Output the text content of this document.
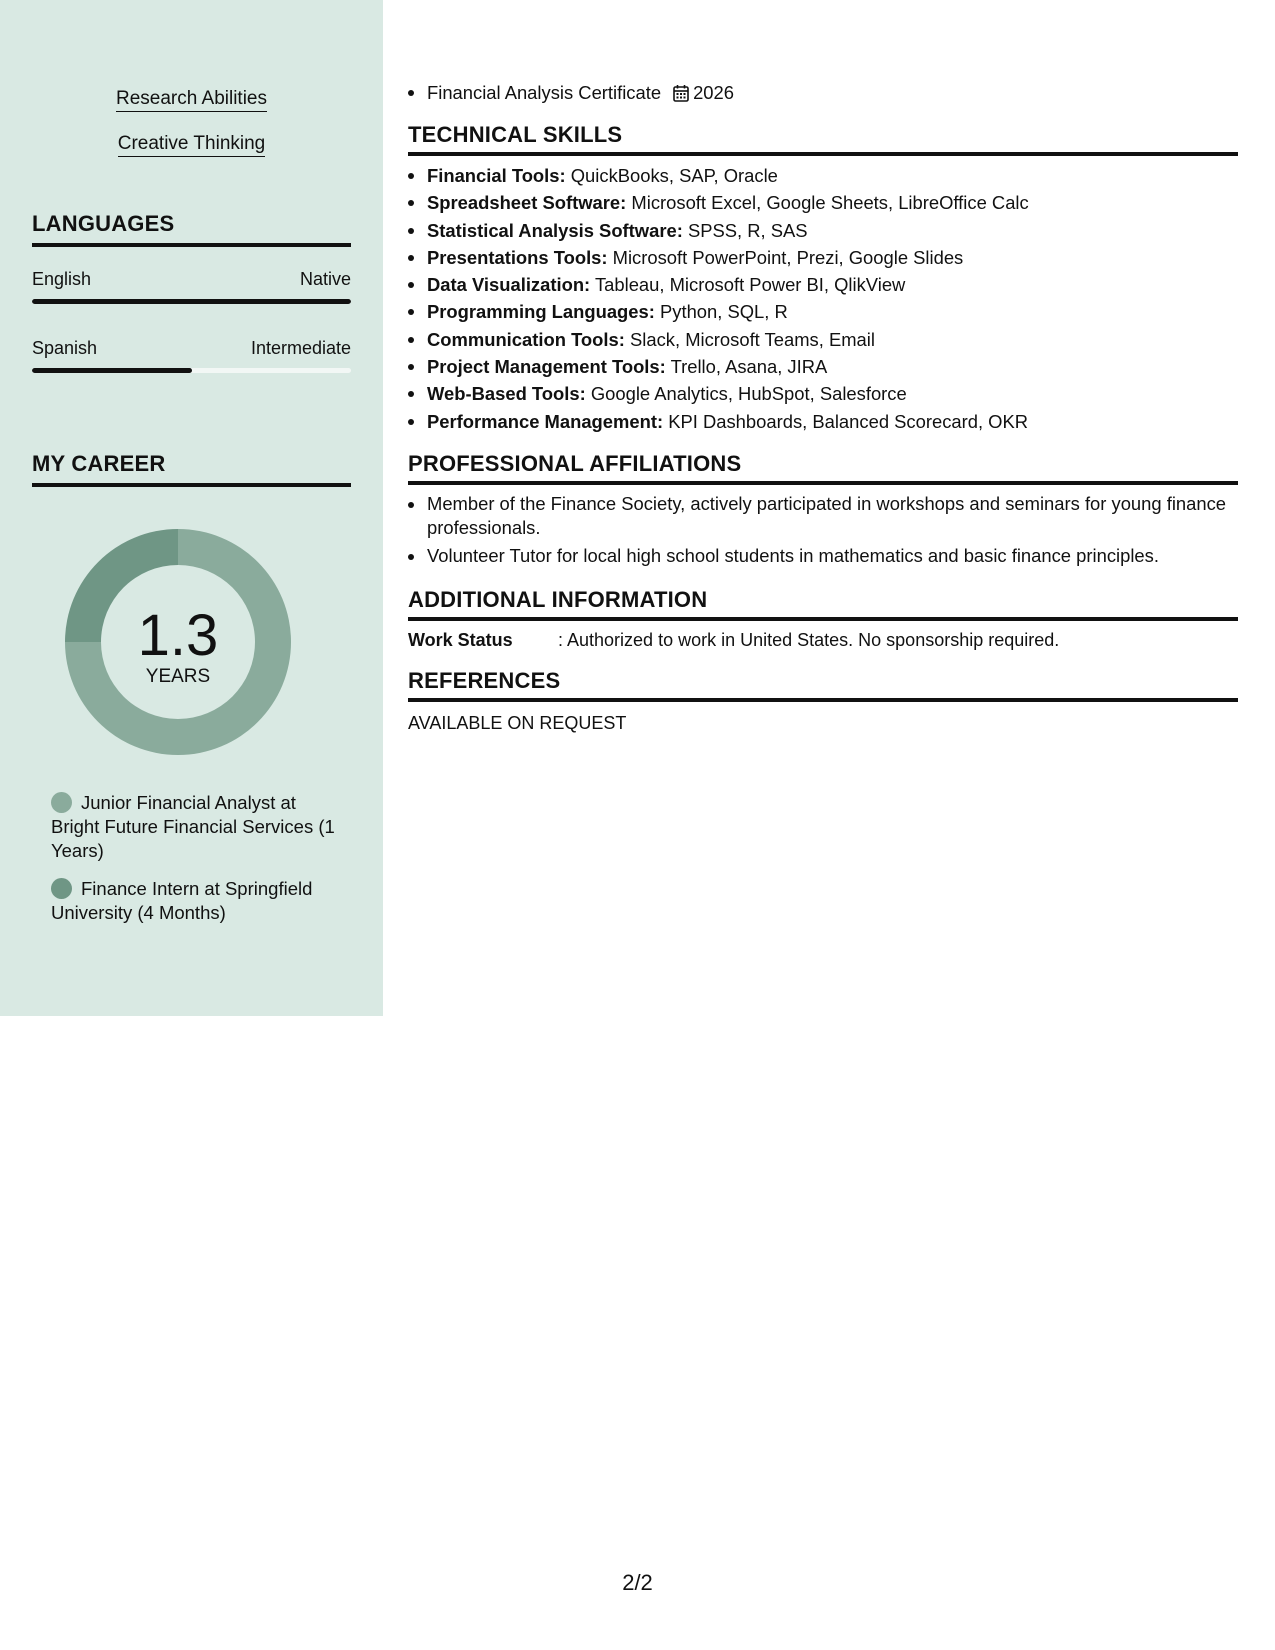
Research Abilities
Creative Thinking
LANGUAGES
English	Native
Spanish	Intermediate
MY CAREER
1.3
YEARS
Junior Financial Analyst at Bright Future Financial Services (1 Years)
Finance Intern at Springfield University (4 Months)
Financial Analysis Certificate 2026
TECHNICAL SKILLS
Financial Tools: QuickBooks, SAP, Oracle
Spreadsheet Software: Microsoft Excel, Google Sheets, LibreOffice Calc
Statistical Analysis Software: SPSS, R, SAS
Presentations Tools: Microsoft PowerPoint, Prezi, Google Slides
Data Visualization: Tableau, Microsoft Power BI, QlikView
Programming Languages: Python, SQL, R
Communication Tools: Slack, Microsoft Teams, Email
Project Management Tools: Trello, Asana, JIRA
Web-Based Tools: Google Analytics, HubSpot, Salesforce
Performance Management: KPI Dashboards, Balanced Scorecard, OKR
PROFESSIONAL AFFILIATIONS
Member of the Finance Society, actively participated in workshops and seminars for young finance professionals.
Volunteer Tutor for local high school students in mathematics and basic finance principles.
ADDITIONAL INFORMATION
Work Status	: Authorized to work in United States. No sponsorship required.
REFERENCES
AVAILABLE ON REQUEST
2/2
